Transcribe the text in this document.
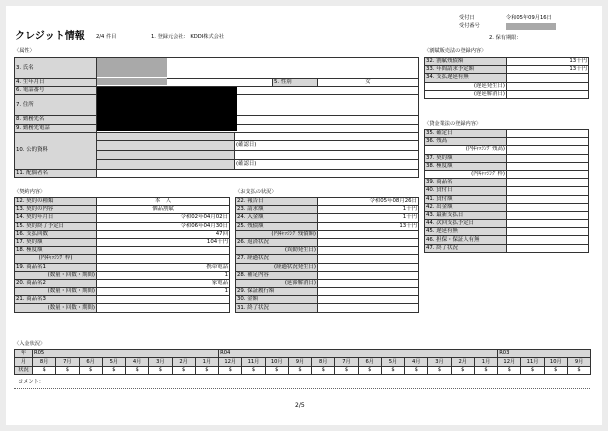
クレジット情報 2/4 件目	1. 登録元会社： KDDI株式会社
受付日	令和05年09月16日
受付番号
2. 保有期限：
〈属性〉
3. 氏名				
4. 生年月日			5. 性別	女
6. 電話番号				
7. 住所				
8. 勤務先名				
9. 勤務先電話				
10. 公的資料				
		(確認日)		

		(確認日)		
11. 配偶者名				
〈割賦販売法の登録内容〉
32. 割賦残債額	13千円
33. 年間請求予定額	13千円
34. 支払遅延有無	
(遅延発生日)	
(遅延解消日)	
〈貸金業法の登録内容〉
35. 確定日	
36. 残高	
(内ｷｬｯｼﾝｸﾞ残高)	
37. 契約額	
38. 極度額	
(内ｷｬｯｼﾝｸﾞ枠)	
39. 商品名	
40. 貸付日	
41. 貸付額	
42. 出金額	
43. 最新支払日	
44. 次回支払予定日	
45. 遅延有無	
46. 担保・保証人有無	
47. 終了状況	
〈契約内容〉
12. 契約の種類	本　人
13. 契約の内容	個品割賦
14. 契約年月日	令和02年04月02日
15. 契約終了予定日	令和06年04月30日
16. 支払回数	47回
17. 契約額	104千円
18. 極度額	
(内ｷｬｯｼﾝｸﾞ枠)	
19. 商品名1	携帯電話
(数量・回数・期間)	1
20. 商品名2	家電品
(数量・回数・期間)	1
21. 商品名3	
(数量・回数・期間)	
〈お支払の状況〉
22. 報告日	令和05年08月26日
23. 請求額	1千円
24. 入金額	1千円
25. 残債額	13千円
(内ｷｬｯｼﾝｸﾞ残債額)	
26. 返済状況	
(異動発生日)	
27. 経過状況	
(経過状況発生日)	
28. 補足内容	
(延滞解消日)	
29. 保証履行額	
30. 金額	
31. 終了状況	
〈入金状況〉
年	R05								R04												R03			
月	8月	7月	6月	5月	4月	3月	2月	1月	12月	11月	10月	9月	8月	7月	6月	5月	4月	3月	2月	1月	12月	11月	10月	9月
状況	$	$	$	$	$	$	$	$	$	$	$	$	$	$	$	$	$	$	$	$	$	$	$	$
コメント：
2/5
